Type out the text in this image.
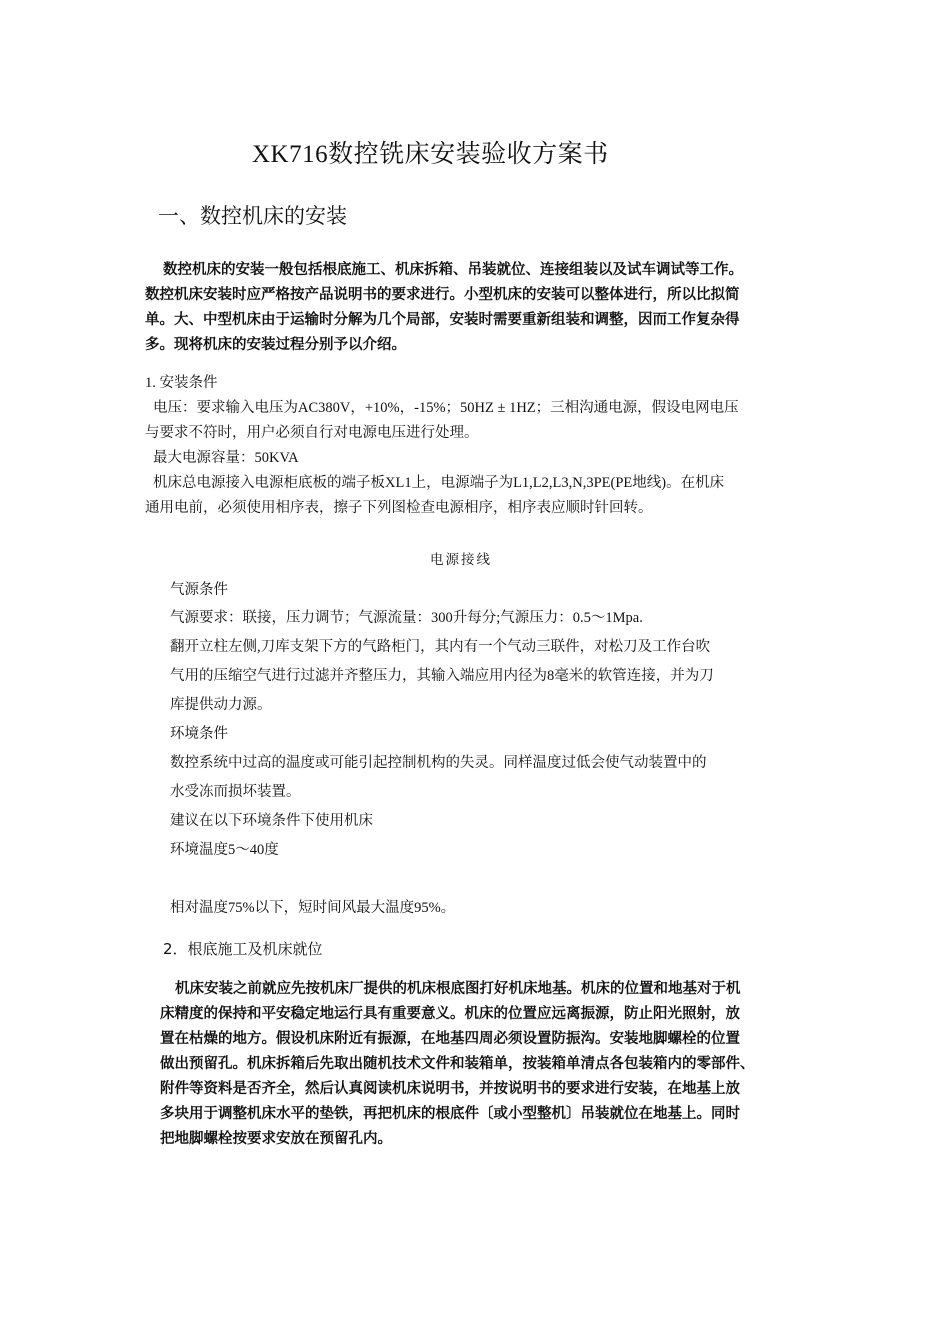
XK716数控铣床安装验收方案书
一、数控机床的安装
数控机床的安装一般包括根底施工、机床拆箱、吊装就位、连接组装以及试车调试等工作。
数控机床安装时应严格按产品说明书的要求进行。小型机床的安装可以整体进行，所以比拟简
单。大、中型机床由于运输时分解为几个局部，安装时需要重新组装和调整，因而工作复杂得
多。现将机床的安装过程分别予以介绍。
1. 安装条件
电压：要求输入电压为AC380V，+10%，-15%；50HZ ± 1HZ；三相沟通电源，假设电网电压
与要求不符时，用户必须自行对电源电压进行处理。
最大电源容量：50KVA
机床总电源接入电源柜底板的端子板XL1上，电源端子为L1,L2,L3,N,3PE(PE地线)。在机床
通用电前，必须使用相序表，擦子下列图检查电源相序，相序表应顺时针回转。
电源接线
气源条件
气源要求：联接，压力调节；气源流量：300升每分;气源压力：0.5～1Mpa.
翻开立柱左侧,刀库支架下方的气路柜门，其内有一个气动三联件，对松刀及工作台吹
气用的压缩空气进行过滤并齐整压力，其输入端应用内径为8毫米的软管连接，并为刀
库提供动力源。
环境条件
数控系统中过高的温度或可能引起控制机构的失灵。同样温度过低会使气动装置中的
水受冻而损坏装置。
建议在以下环境条件下使用机床
环境温度5～40度
相对温度75%以下，短时间风最大温度95%。
2．根底施工及机床就位
机床安装之前就应先按机床厂提供的机床根底图打好机床地基。机床的位置和地基对于机
床精度的保持和平安稳定地运行具有重要意义。机床的位置应远离振源，防止阳光照射，放
置在枯燥的地方。假设机床附近有振源，在地基四周必须设置防振沟。安装地脚螺栓的位置
做出预留孔。机床拆箱后先取出随机技术文件和装箱单，按装箱单清点各包装箱内的零部件、
附件等资料是否齐全，然后认真阅读机床说明书，并按说明书的要求进行安装，在地基上放
多块用于调整机床水平的垫铁，再把机床的根底件〔或小型整机〕吊装就位在地基上。同时
把地脚螺栓按要求安放在预留孔内。
